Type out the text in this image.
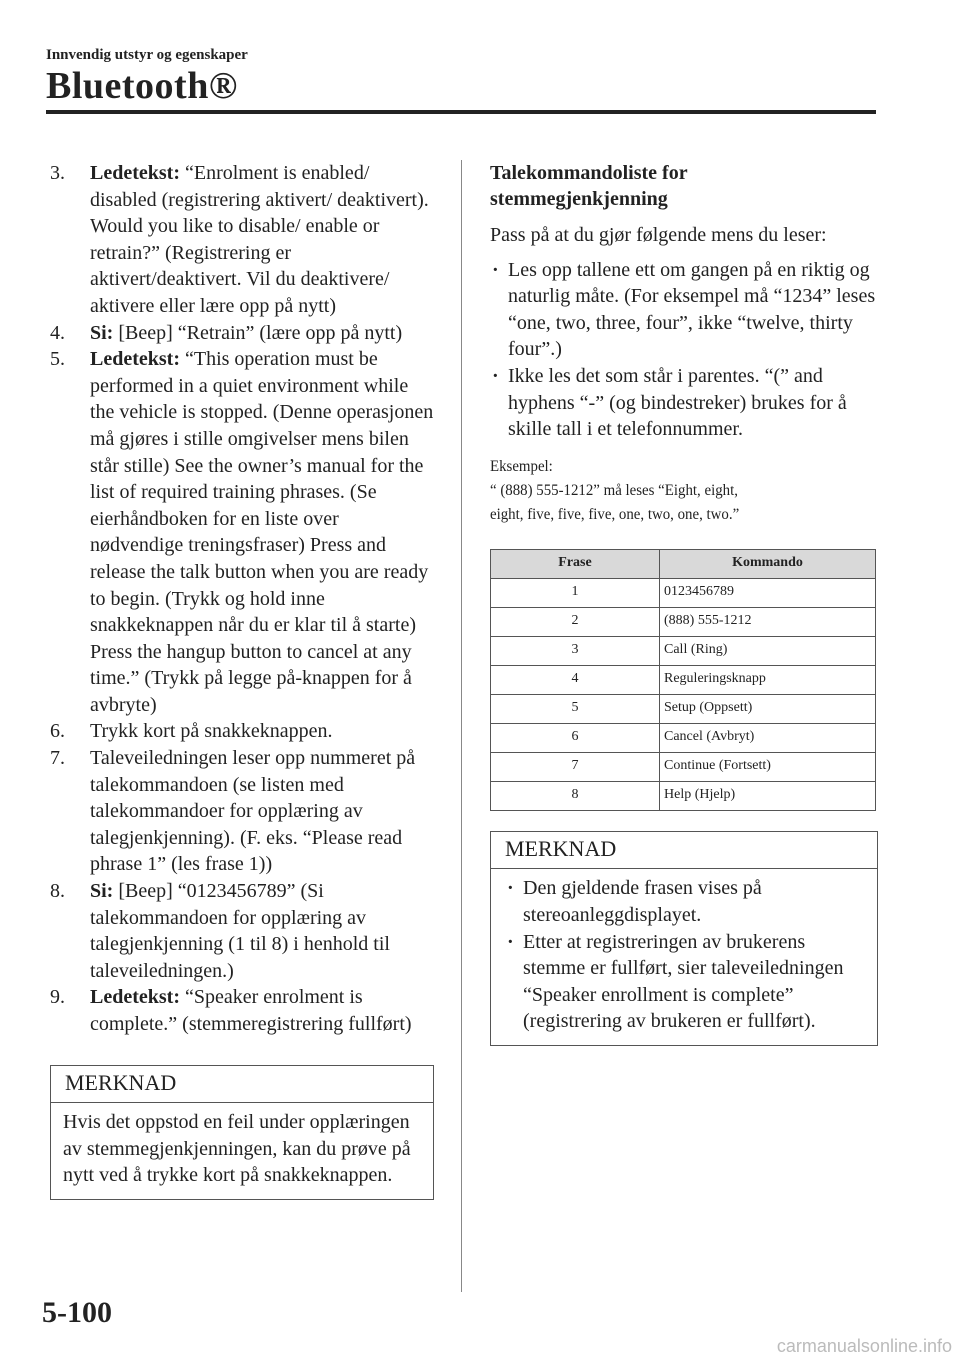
Innvendig utstyr og egenskaper
Bluetooth®
3. Ledetekst: “Enrolment is enabled/ disabled (registrering aktivert/ deaktivert). Would you like to disable/ enable or retrain?” (Registrering er aktivert/deaktivert. Vil du deaktivere/ aktivere eller lære opp på nytt)
4. Si: [Beep] “Retrain” (lære opp på nytt)
5. Ledetekst: “This operation must be performed in a quiet environment while the vehicle is stopped. (Denne operasjonen må gjøres i stille omgivelser mens bilen står stille) See the owner’s manual for the list of required training phrases. (Se eierhåndboken for en liste over nødvendige treningsfraser) Press and release the talk button when you are ready to begin. (Trykk og hold inne snakkeknappen når du er klar til å starte) Press the hangup button to cancel at any time.” (Trykk på legge på-knappen for å avbryte)
6. Trykk kort på snakkeknappen.
7. Taleveiledningen leser opp nummeret på talekommandoen (se listen med talekommandoer for opplæring av talegjenkjenning). (F. eks. “Please read phrase 1” (les frase 1))
8. Si: [Beep] “0123456789” (Si talekommandoen for opplæring av talegjenkjenning (1 til 8) i henhold til taleveiledningen.)
9. Ledetekst: “Speaker enrolment is complete.” (stemmeregistrering fullført)
MERKNAD
Hvis det oppstod en feil under opplæringen av stemmegjenkjenningen, kan du prøve på nytt ved å trykke kort på snakkeknappen.
Talekommandoliste for
stemmegjenkjenning
Pass på at du gjør følgende mens du leser:
· Les opp tallene ett om gangen på en riktig og naturlig måte. (For eksempel må “1234” leses “one, two, three, four”, ikke “twelve, thirty four”.)
· Ikke les det som står i parentes. “(” and hyphens “-” (og bindestreker) brukes for å skille tall i et telefonnummer.
Eksempel:
“ (888) 555-1212” må leses “Eight, eight,
eight, five, five, five, one, two, one, two.”
Frase	Kommando
1	0123456789
2	(888) 555-1212
3	Call (Ring)
4	Reguleringsknapp
5	Setup (Oppsett)
6	Cancel (Avbryt)
7	Continue (Fortsett)
8	Help (Hjelp)
MERKNAD
· Den gjeldende frasen vises på stereoanleggdisplayet.
· Etter at registreringen av brukerens stemme er fullført, sier taleveiledningen “Speaker enrollment is complete” (registrering av brukeren er fullført).
5-100
carmanualsonline.info
